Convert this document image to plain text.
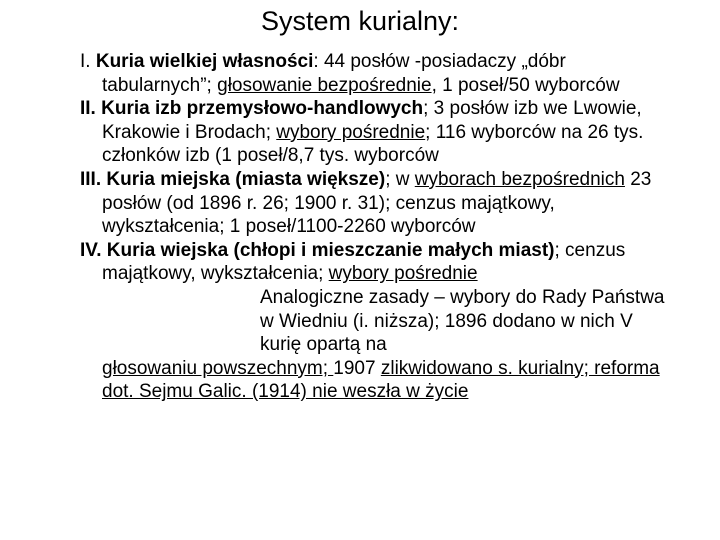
System kurialny:
I. Kuria wielkiej własności: 44 posłów -posiadaczy „dóbr tabularnych”; głosowanie bezpośrednie, 1 poseł/50 wyborców
II. Kuria izb przemysłowo-handlowych; 3 posłów izb we Lwowie, Krakowie i Brodach; wybory pośrednie; 116 wyborców na 26 tys. członków izb (1 poseł/8,7 tys. wyborców
III. Kuria miejska (miasta większe); w wyborach bezpośrednich 23 posłów (od 1896 r. 26; 1900 r. 31); cenzus majątkowy, wykształcenia; 1 poseł/1100-2260 wyborców
IV. Kuria wiejska (chłopi i mieszczanie małych miast); cenzus majątkowy, wykształcenia; wybory pośrednie
Analogiczne zasady – wybory do Rady Państwa w Wiedniu (i. niższa); 1896 dodano w nich V kurię opartą na
głosowaniu powszechnym; 1907 zlikwidowano s. kurialny; reforma dot. Sejmu Galic. (1914) nie weszła w życie
